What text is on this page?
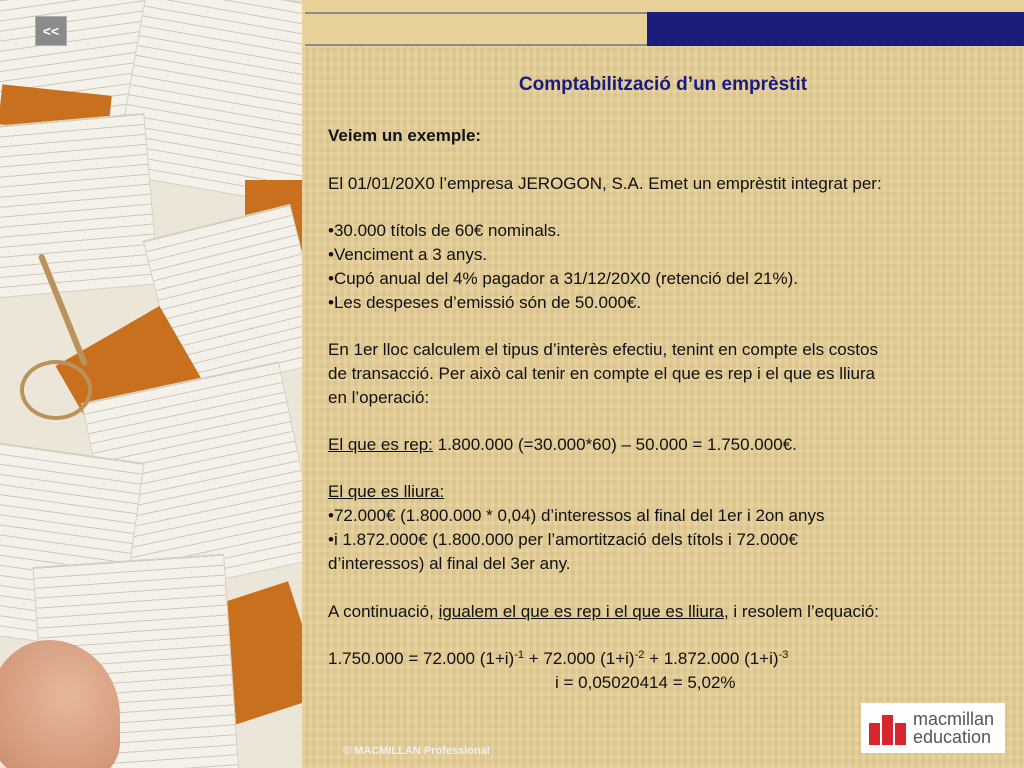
<<
Comptabilització d’un emprèstit
Veiem un exemple:
El 01/01/20X0 l’empresa JEROGON, S.A. Emet un emprèstit integrat per:
•30.000 títols de 60€ nominals.
•Venciment a 3 anys.
•Cupó anual del 4% pagador a 31/12/20X0 (retenció del 21%).
•Les despeses d’emissió són de 50.000€.
En 1er lloc calculem el tipus d’interès efectiu, tenint en compte els costos
de transacció. Per això cal tenir en compte el que es rep i el que es lliura
en l’operació:
El que es rep: 1.800.000 (=30.000*60) – 50.000 = 1.750.000€.
El que es lliura:
•72.000€ (1.800.000 * 0,04) d’interessos al final del 1er i 2on anys
•i 1.872.000€ (1.800.000 per l’amortització dels títols i 72.000€
d’interessos) al final del 3er any.
A continuació, igualem el que es rep i el que es lliura, i resolem l’equació:
1.750.000 = 72.000 $(1+i)^{-1} + 72.000$ $(1+i)^{-2} + 1.872.000$ $(1+i)^{-3}$
i = 0,05020414 = 5,02%
© MACMILLAN Professional
macmillan
education
